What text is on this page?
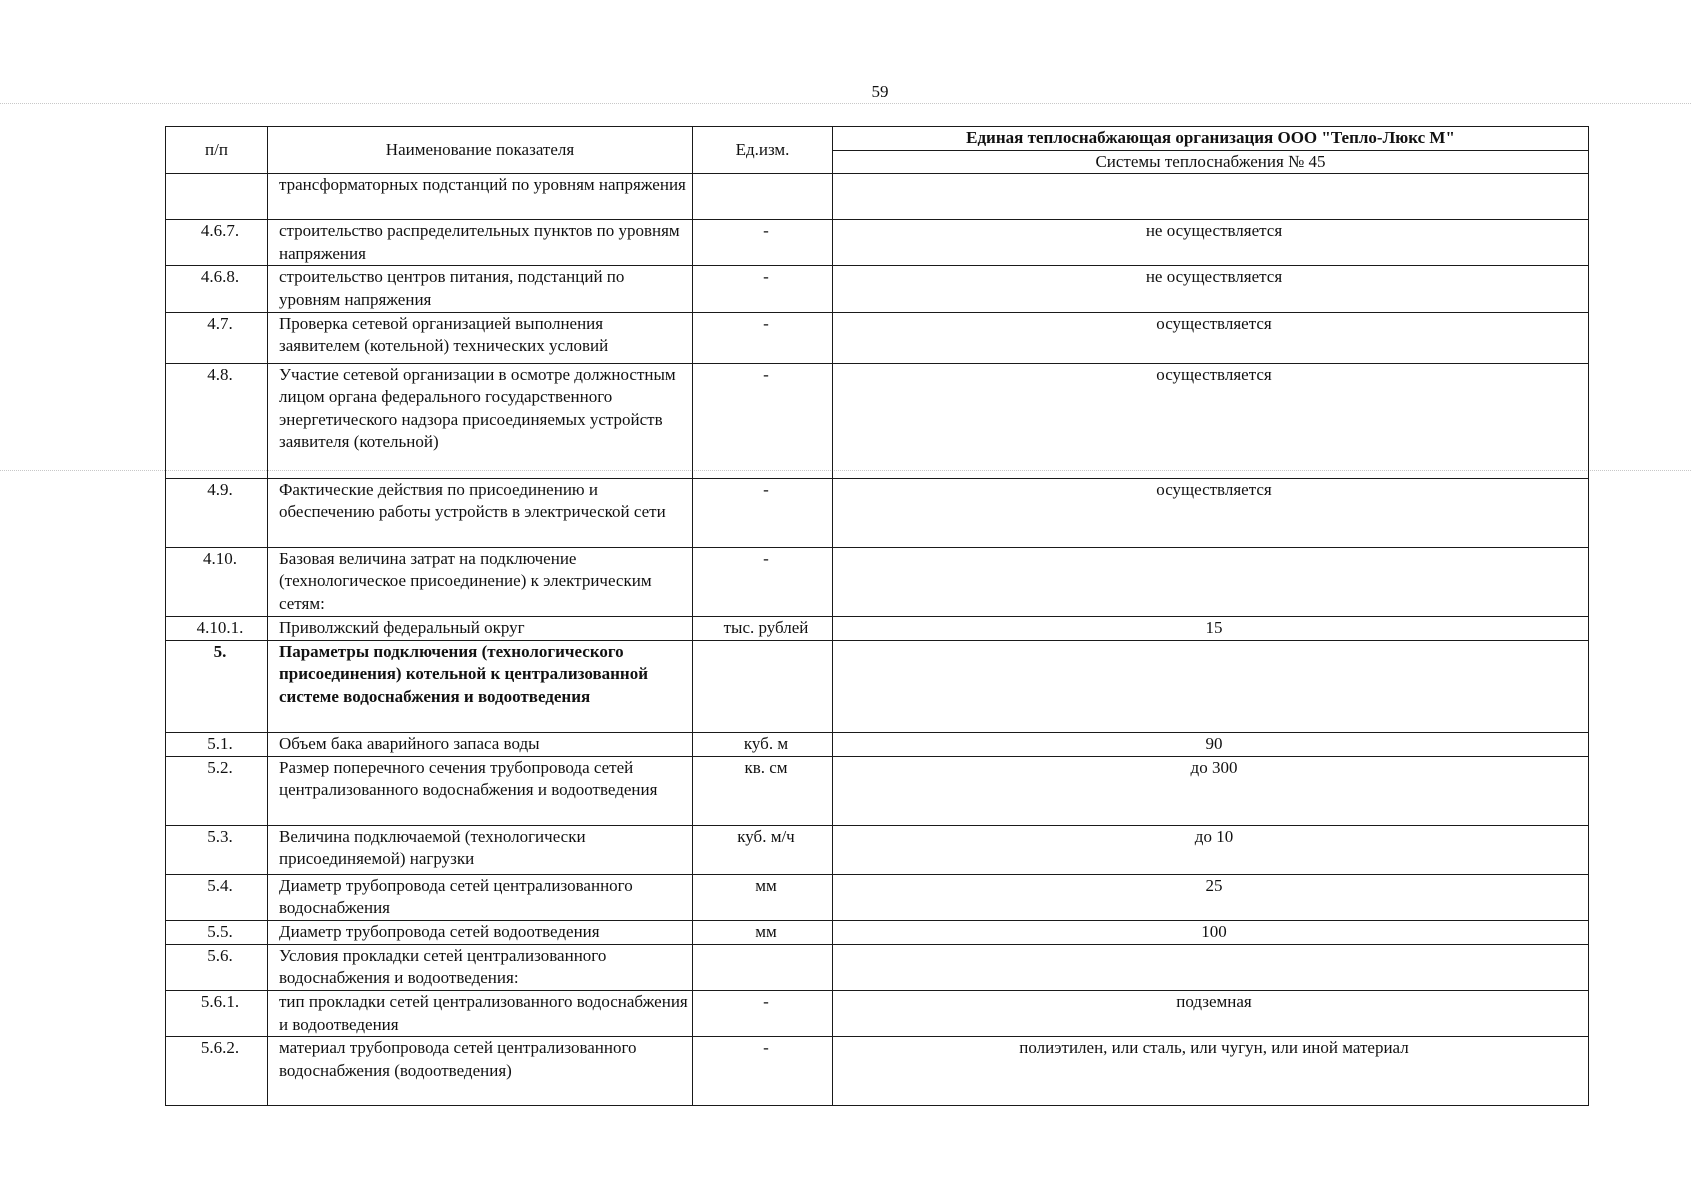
59
п/п	Наименование показателя	Ед.изм.	Единая теплоснабжающая организация ООО "Тепло-Люкс М"
			Системы теплоснабжения № 45
	трансформаторных подстанций по уровням напряжения		
4.6.7.	строительство распределительных пунктов по уровням напряжения	-	не осуществляется
4.6.8.	строительство центров питания, подстанций по уровням напряжения	-	не осуществляется
4.7.	Проверка сетевой организацией выполнения заявителем (котельной) технических условий	-	осуществляется
4.8.	Участие сетевой организации в осмотре должностным лицом органа федерального государственного энергетического надзора присоединяемых устройств заявителя (котельной)	-	осуществляется
4.9.	Фактические действия по присоединению и обеспечению работы устройств в электрической сети	-	осуществляется
4.10.	Базовая величина затрат на подключение (технологическое присоединение) к электрическим сетям:	-	
4.10.1.	Приволжский федеральный округ	тыс. рублей	15
5.	Параметры подключения (технологического присоединения) котельной к централизованной системе водоснабжения и водоотведения		
5.1.	Объем бака аварийного запаса воды	куб. м	90
5.2.	Размер поперечного сечения трубопровода сетей централизованного водоснабжения и водоотведения	кв. см	до 300
5.3.	Величина подключаемой (технологически присоединяемой) нагрузки	куб. м/ч	до 10
5.4.	Диаметр трубопровода сетей централизованного водоснабжения	мм	25
5.5.	Диаметр трубопровода сетей водоотведения	мм	100
5.6.	Условия прокладки сетей централизованного водоснабжения и водоотведения:		
5.6.1.	тип прокладки сетей централизованного водоснабжения и водоотведения	-	подземная
5.6.2.	материал трубопровода сетей централизованного водоснабжения (водоотведения)	-	полиэтилен, или сталь, или чугун, или иной материал
